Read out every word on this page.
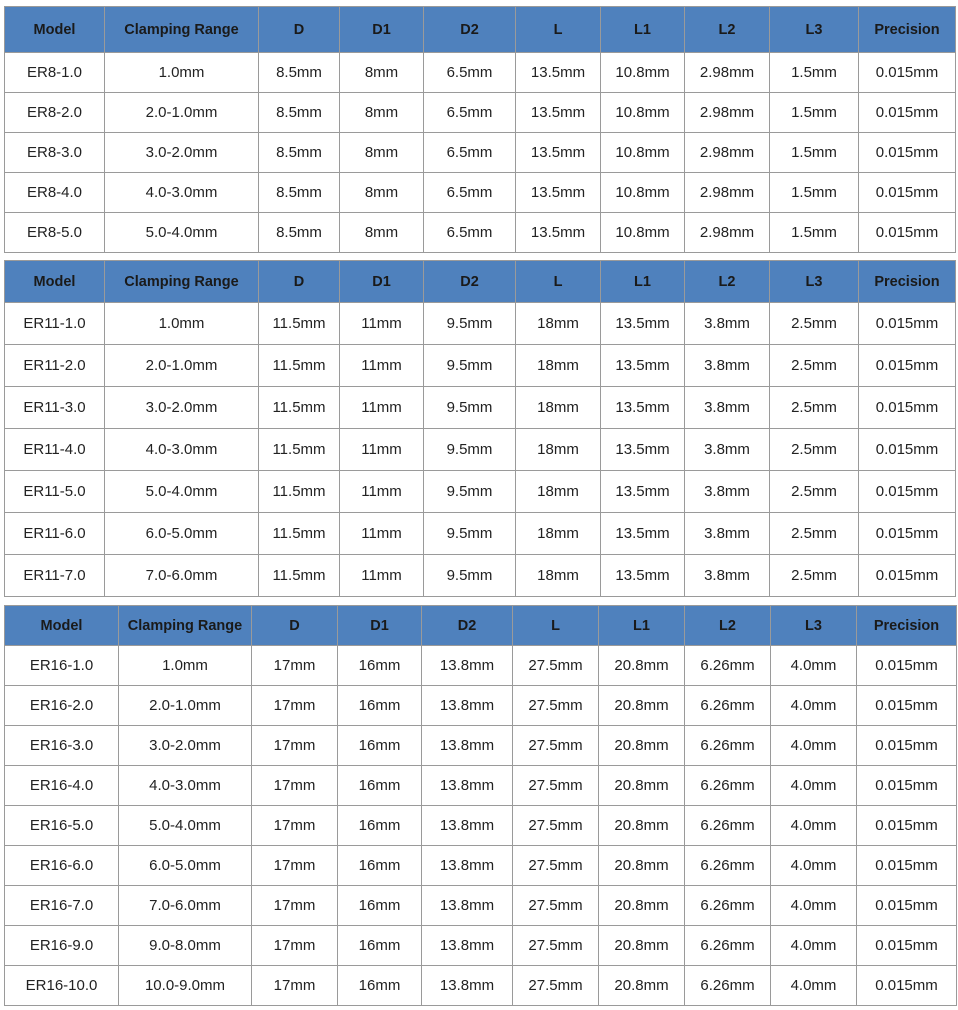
Model	Clamping Range	D	D1	D2	L	L1	L2	L3	Precision
ER8-1.0	1.0mm	8.5mm	8mm	6.5mm	13.5mm	10.8mm	2.98mm	1.5mm	0.015mm
ER8-2.0	2.0-1.0mm	8.5mm	8mm	6.5mm	13.5mm	10.8mm	2.98mm	1.5mm	0.015mm
ER8-3.0	3.0-2.0mm	8.5mm	8mm	6.5mm	13.5mm	10.8mm	2.98mm	1.5mm	0.015mm
ER8-4.0	4.0-3.0mm	8.5mm	8mm	6.5mm	13.5mm	10.8mm	2.98mm	1.5mm	0.015mm
ER8-5.0	5.0-4.0mm	8.5mm	8mm	6.5mm	13.5mm	10.8mm	2.98mm	1.5mm	0.015mm
Model	Clamping Range	D	D1	D2	L	L1	L2	L3	Precision
ER11-1.0	1.0mm	11.5mm	11mm	9.5mm	18mm	13.5mm	3.8mm	2.5mm	0.015mm
ER11-2.0	2.0-1.0mm	11.5mm	11mm	9.5mm	18mm	13.5mm	3.8mm	2.5mm	0.015mm
ER11-3.0	3.0-2.0mm	11.5mm	11mm	9.5mm	18mm	13.5mm	3.8mm	2.5mm	0.015mm
ER11-4.0	4.0-3.0mm	11.5mm	11mm	9.5mm	18mm	13.5mm	3.8mm	2.5mm	0.015mm
ER11-5.0	5.0-4.0mm	11.5mm	11mm	9.5mm	18mm	13.5mm	3.8mm	2.5mm	0.015mm
ER11-6.0	6.0-5.0mm	11.5mm	11mm	9.5mm	18mm	13.5mm	3.8mm	2.5mm	0.015mm
ER11-7.0	7.0-6.0mm	11.5mm	11mm	9.5mm	18mm	13.5mm	3.8mm	2.5mm	0.015mm
Model	Clamping Range	D	D1	D2	L	L1	L2	L3	Precision
ER16-1.0	1.0mm	17mm	16mm	13.8mm	27.5mm	20.8mm	6.26mm	4.0mm	0.015mm
ER16-2.0	2.0-1.0mm	17mm	16mm	13.8mm	27.5mm	20.8mm	6.26mm	4.0mm	0.015mm
ER16-3.0	3.0-2.0mm	17mm	16mm	13.8mm	27.5mm	20.8mm	6.26mm	4.0mm	0.015mm
ER16-4.0	4.0-3.0mm	17mm	16mm	13.8mm	27.5mm	20.8mm	6.26mm	4.0mm	0.015mm
ER16-5.0	5.0-4.0mm	17mm	16mm	13.8mm	27.5mm	20.8mm	6.26mm	4.0mm	0.015mm
ER16-6.0	6.0-5.0mm	17mm	16mm	13.8mm	27.5mm	20.8mm	6.26mm	4.0mm	0.015mm
ER16-7.0	7.0-6.0mm	17mm	16mm	13.8mm	27.5mm	20.8mm	6.26mm	4.0mm	0.015mm
ER16-9.0	9.0-8.0mm	17mm	16mm	13.8mm	27.5mm	20.8mm	6.26mm	4.0mm	0.015mm
ER16-10.0	10.0-9.0mm	17mm	16mm	13.8mm	27.5mm	20.8mm	6.26mm	4.0mm	0.015mm
